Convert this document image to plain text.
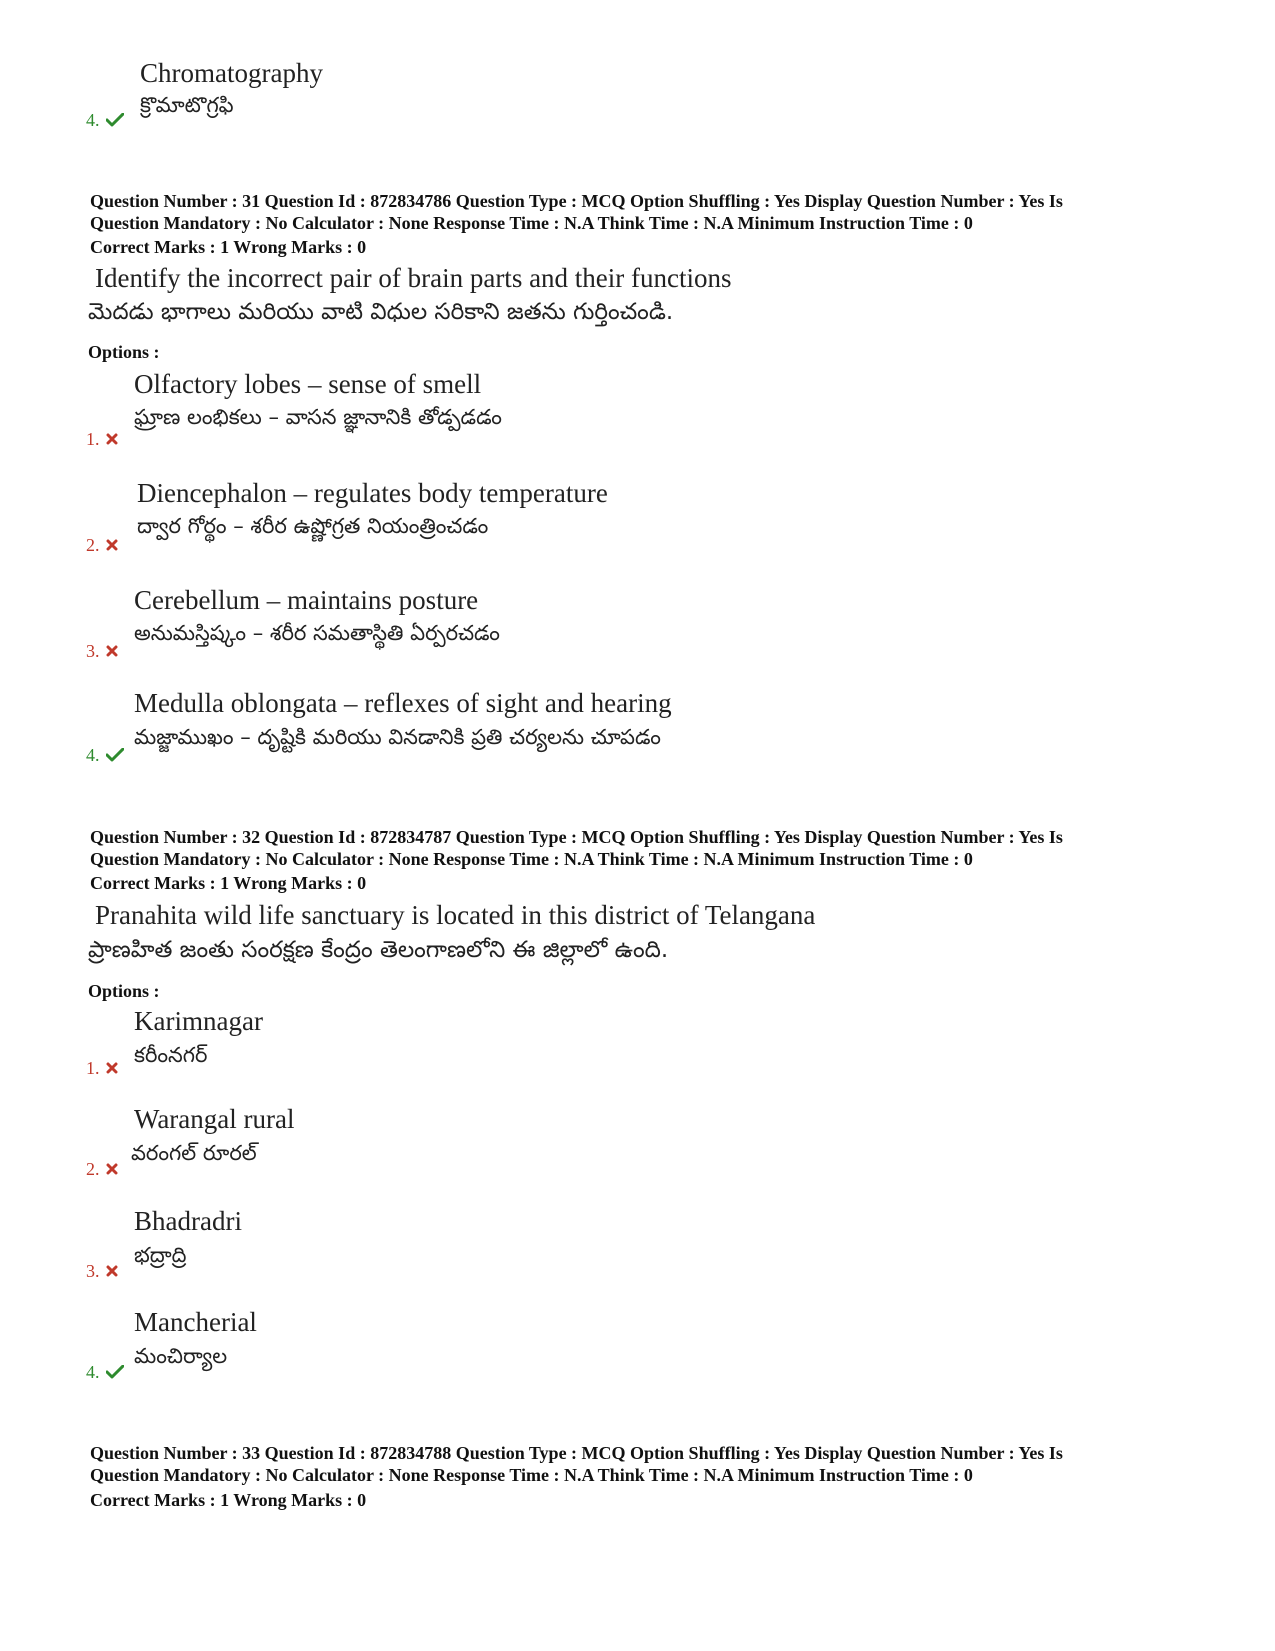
Chromatography
క్రొమాటొగ్రఫి
4.
Question Number : 31 Question Id : 872834786 Question Type : MCQ Option Shuffling : Yes Display Question Number : Yes Is
Question Mandatory : No Calculator : None Response Time : N.A Think Time : N.A Minimum Instruction Time : 0
Correct Marks : 1 Wrong Marks : 0
Identify the incorrect pair of brain parts and their functions
మెదడు భాగాలు మరియు వాటి విధుల సరికాని జతను గుర్తించండి.
Options :
Olfactory lobes – sense of smell
ఘ్రాణ లంభికలు – వాసన జ్ఞానానికి తోడ్పడడం
1.
Diencephalon – regulates body temperature
ద్వార గోర్థం – శరీర ఉష్ణోగ్రత నియంత్రించడం
2.
Cerebellum – maintains posture
అనుమస్తిష్కం – శరీర సమతాస్థితి ఏర్పరచడం
3.
Medulla oblongata – reflexes of sight and hearing
మజ్జాముఖం – దృష్టికి మరియు వినడానికి ప్రతి చర్యలను చూపడం
4.
Question Number : 32 Question Id : 872834787 Question Type : MCQ Option Shuffling : Yes Display Question Number : Yes Is
Question Mandatory : No Calculator : None Response Time : N.A Think Time : N.A Minimum Instruction Time : 0
Correct Marks : 1 Wrong Marks : 0
Pranahita wild life sanctuary is located in this district of Telangana
ప్రాణహిత జంతు సంరక్షణ కేంద్రం తెలంగాణలోని ఈ జిల్లాలో ఉంది.
Options :
Karimnagar
కరీంనగర్
1.
Warangal rural
వరంగల్ రూరల్
2.
Bhadradri
భద్రాద్రి
3.
Mancherial
మంచిర్యాల
4.
Question Number : 33 Question Id : 872834788 Question Type : MCQ Option Shuffling : Yes Display Question Number : Yes Is
Question Mandatory : No Calculator : None Response Time : N.A Think Time : N.A Minimum Instruction Time : 0
Correct Marks : 1 Wrong Marks : 0
